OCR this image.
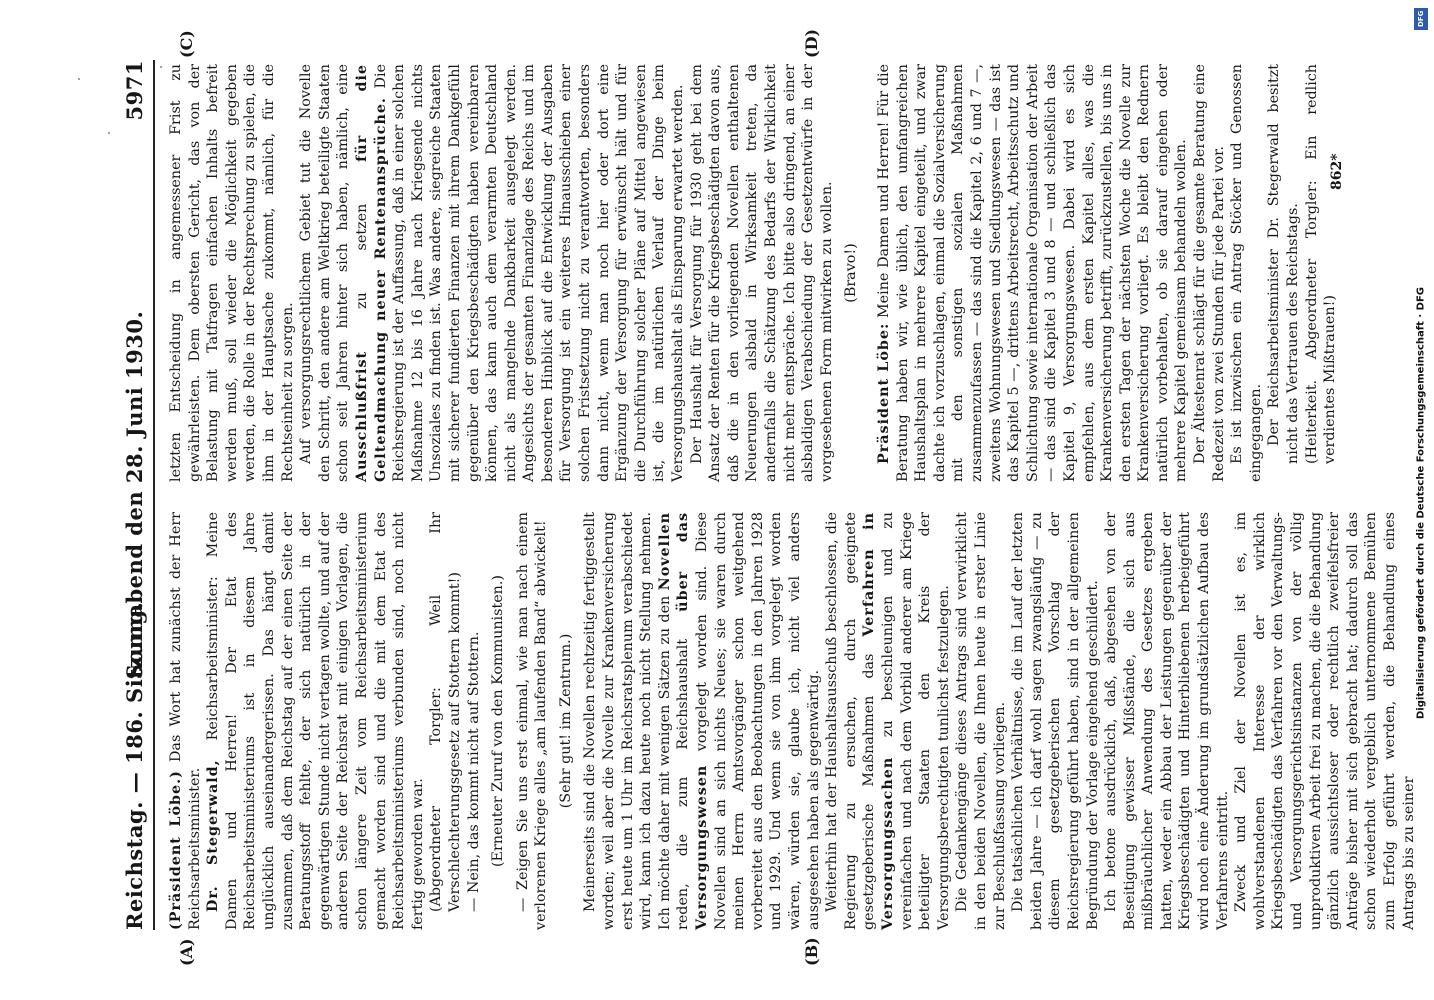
Reichstag. — 186. Sitzung.
Sonnabend den 28. Juni 1930.
5971
(A)	(B)
(C)	(D)

(Präsident Löbe.) Das Wort hat zunächst der Herr Reichsarbeitsminister. Dr. Stegerwald, Reichsarbeitsminister: Meine Damen und Herren! Der Etat des Reichsarbeitsministeriums ist in diesem Jahre unglücklich auseinandergerissen. Das hängt damit zusammen, daß dem Reichstag auf der einen Seite der Beratungsstoff fehlte, der sich natürlich in der gegenwärtigen Stunde nicht vertagen wollte, und auf der anderen Seite der Reichsrat mit einigen Vorlagen, die schon längere Zeit vom Reichsarbeitsministerium gemacht worden sind und die mit dem Etat des Reichsarbeitsministeriums verbunden sind, noch nicht fertig geworden war. (Abgeordneter Torgler: Weil Ihr Verschlechterungsgesetz auf Stottern kommt!) — Nein, das kommt nicht auf Stottern. (Erneuter Zuruf von den Kommunisten.) — Zeigen Sie uns erst einmal, wie man nach einem verlorenen Kriege alles „am laufenden Band“ abwickelt! (Sehr gut! im Zentrum.) Meinerseits sind die Novellen rechtzeitig fertiggestellt worden; weil aber die Novelle zur Krankenversicherung erst heute um 1 Uhr im Reichsratsplenum verabschiedet wird, kann ich dazu heute noch nicht Stellung nehmen. Ich möchte daher mit wenigen Sätzen zu den Novellen reden, die zum Reichshaushalt über das Versorgungswesen vorgelegt worden sind. Diese Novellen sind an sich nichts Neues; sie waren durch meinen Herrn Amtsvorgänger schon weitgehend vorbereitet aus den Beobachtungen in den Jahren 1928 und 1929. Und wenn sie von ihm vorgelegt worden wären, würden sie, glaube ich, nicht viel anders ausgesehen haben als gegenwärtig. Weiterhin hat der Haushaltsausschuß beschlossen, die Regierung zu ersuchen, durch geeignete gesetzgeberische Maßnahmen das Verfahren in Versorgungssachen zu beschleunigen und zu vereinfachen und nach dem Vorbild anderer am Kriege beteiligter Staaten den Kreis der Versorgungsberechtigten tunlichst festzulegen. Die Gedankengänge dieses Antrags sind verwirklicht in den beiden Novellen, die Ihnen heute in erster Linie zur Beschlußfassung vorliegen. Die tatsächlichen Verhältnisse, die im Lauf der letzten beiden Jahre — ich darf wohl sagen zwangsläufig — zu diesem gesetzgeberischen Vorschlag der Reichsregierung geführt haben, sind in der allgemeinen Begründung der Vorlage eingehend geschildert. Ich betone ausdrücklich, daß, abgesehen von der Beseitigung gewisser Mißstände, die sich aus mißbräuchlicher Anwendung des Gesetzes ergeben hatten, weder ein Abbau der Leistungen gegenüber der Kriegsbeschädigten und Hinterbliebenen herbeigeführt wird noch eine Änderung im grundsätzlichen Aufbau des Verfahrens eintritt. Zweck und Ziel der Novellen ist es, im wohlverstandenen Interesse der wirklich Kriegsbeschädigten das Verfahren vor den Verwaltungs- und Versorgungsgerichtsinstanzen von der völlig unproduktiven Arbeit frei zu machen, die die Behandlung gänzlich aussichtsloser oder rechtlich zweifelsfreier Anträge bisher mit sich gebracht hat; dadurch soll das schon wiederholt vergeblich unternommene Bemühen zum Erfolg geführt werden, die Behandlung eines Antrags bis zu seiner

letzten Entscheidung in angemessener Frist zu gewährleisten. Dem obersten Gericht, das von der Belastung mit Tatfragen einfachen Inhalts befreit werden muß, soll wieder die Möglichkeit gegeben werden, die Rolle in der Rechtsprechung zu spielen, die ihm in der Hauptsache zukommt, nämlich, für die Rechtseinheit zu sorgen. Auf versorgungsrechtlichem Gebiet tut die Novelle den Schritt, den andere am Weltkrieg beteiligte Staaten schon seit Jahren hinter sich haben, nämlich, eine Ausschlußfrist zu setzen für die Geltendmachung neuer Rentenansprüche. Die Reichsregierung ist der Auffassung, daß in einer solchen Maßnahme 12 bis 16 Jahre nach Kriegsende nichts Unsoziales zu finden ist. Was andere, siegreiche Staaten mit sicherer fundierten Finanzen mit ihrem Dankgefühl gegenüber den Kriegsbeschädigten haben vereinbaren können, das kann auch dem verarmten Deutschland nicht als mangelnde Dankbarkeit ausgelegt werden. Angesichts der gesamten Finanzlage des Reichs und im besonderen Hinblick auf die Entwicklung der Ausgaben für Versorgung ist ein weiteres Hinausschieben einer solchen Fristsetzung nicht zu verantworten, besonders dann nicht, wenn man noch hier oder dort eine Ergänzung der Versorgung für erwünscht hält und für die Durchführung solcher Pläne auf Mittel angewiesen ist, die im natürlichen Verlauf der Dinge beim Versorgungshaushalt als Einsparung erwartet werden. Der Haushalt für Versorgung für 1930 geht bei dem Ansatz der Renten für die Kriegsbeschädigten davon aus, daß die in den vorliegenden Novellen enthaltenen Neuerungen alsbald in Wirksamkeit treten, da andernfalls die Schätzung des Bedarfs der Wirklichkeit nicht mehr entspräche. Ich bitte also dringend, an einer alsbaldigen Verabschiedung der Gesetzentwürfe in der vorgesehenen Form mitwirken zu wollen. (Bravo!)

Präsident Löbe: Meine Damen und Herren! Für die Beratung haben wir, wie üblich, den umfangreichen Haushaltsplan in mehrere Kapitel eingeteilt, und zwar dachte ich vorzuschlagen, einmal die Sozialversicherung mit den sonstigen sozialen Maßnahmen zusammenzufassen — das sind die Kapitel 2, 6 und 7 —, zweitens Wohnungswesen und Siedlungswesen — das ist das Kapitel 5 —, drittens Arbeitsrecht, Arbeitsschutz und Schlichtung sowie internationale Organisation der Arbeit — das sind die Kapitel 3 und 8 — und schließlich das Kapitel 9, Versorgungswesen. Dabei wird es sich empfehlen, aus dem ersten Kapitel alles, was die Krankenversicherung betrifft, zurückzustellen, bis uns in den ersten Tagen der nächsten Woche die Novelle zur Krankenversicherung vorliegt. Es bleibt den Rednern natürlich vorbehalten, ob sie darauf eingehen oder mehrere Kapitel gemeinsam behandeln wollen. Der Ältestenrat schlägt für die gesamte Beratung eine Redezeit von zwei Stunden für jede Partei vor. Es ist inzwischen ein Antrag Stöcker und Genossen eingegangen. Der Reichsarbeitsminister Dr. Stegerwald besitzt nicht das Vertrauen des Reichstags. (Heiterkeit. Abgeordneter Torgler: Ein redlich verdientes Mißtrauen!)

862*
DFG
Digitalisierung gefördert durch die Deutsche Forschungsgemeinschaft · DFG
